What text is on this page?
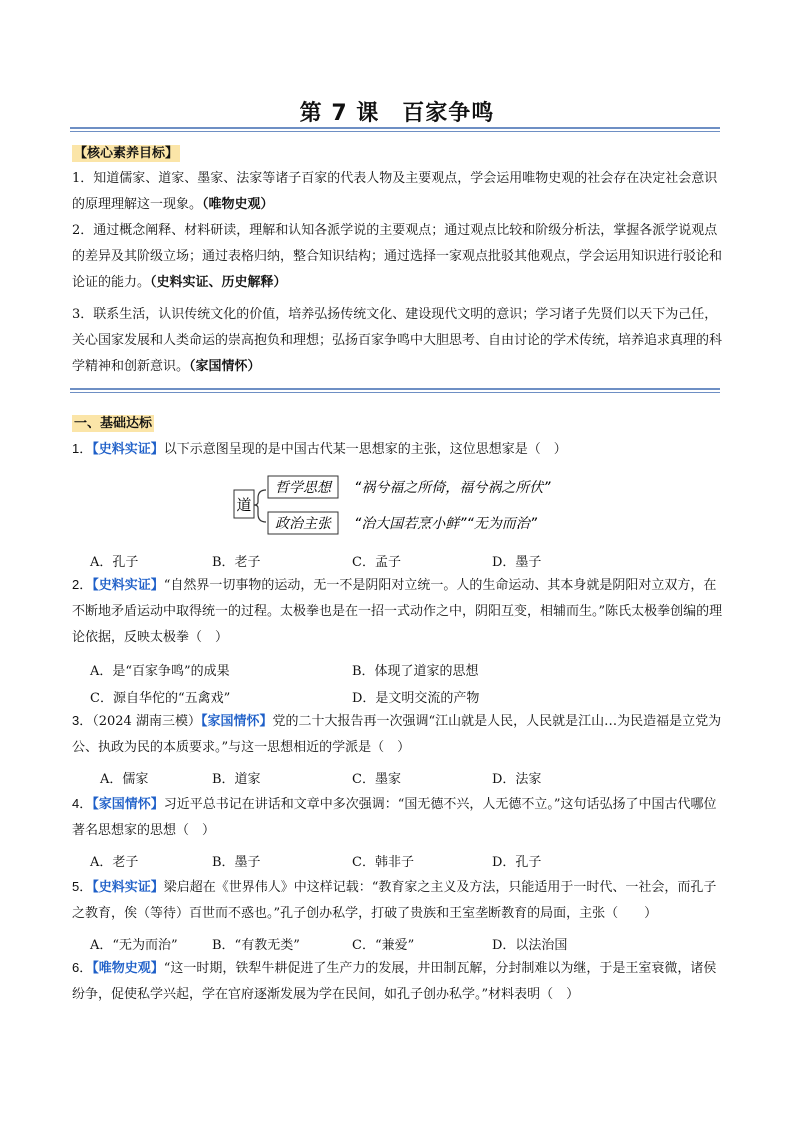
第 7 课　百家争鸣
【核心素养目标】
1．知道儒家、道家、墨家、法家等诸子百家的代表人物及主要观点，学会运用唯物史观的社会存在决定社会意识的原理理解这一现象。（唯物史观）
2．通过概念阐释、材料研读，理解和认知各派学说的主要观点；通过观点比较和阶级分析法，掌握各派学说观点的差异及其阶级立场；通过表格归纳，整合知识结构；通过选择一家观点批驳其他观点，学会运用知识进行驳论和论证的能力。（史料实证、历史解释）
3．联系生活，认识传统文化的价值，培养弘扬传统文化、建设现代文明的意识；学习诸子先贤们以天下为己任，关心国家发展和人类命运的崇高抱负和理想；弘扬百家争鸣中大胆思考、自由讨论的学术传统，培养追求真理的科学精神和创新意识。（家国情怀）
一、基础达标
1．【史料实证】以下示意图呈现的是中国古代某一思想家的主张，这位思想家是（　）
道
哲学思想
政治主张
“祸兮福之所倚，福兮祸之所伏”
“治大国若烹小鲜”“无为而治”
A．孔子	B．老子	C．孟子	D．墨子
2．【史料实证】“自然界一切事物的运动，无一不是阴阳对立统一。人的生命运动、其本身就是阴阳对立双方，在不断地矛盾运动中取得统一的过程。太极拳也是在一招一式动作之中，阴阳互变，相辅而生。”陈氏太极拳创编的理论依据，反映太极拳（　）
A．是“百家争鸣”的成果	B．体现了道家的思想
C．源自华佗的“五禽戏”	D．是文明交流的产物
3．（2024 湖南三模）【家国情怀】党的二十大报告再一次强调“江山就是人民，人民就是江山…为民造福是立党为公、执政为民的本质要求。”与这一思想相近的学派是（　）
A．儒家	B．道家	C．墨家	D．法家
4．【家国情怀】习近平总书记在讲话和文章中多次强调：“国无德不兴，人无德不立。”这句话弘扬了中国古代哪位著名思想家的思想（　）
A．老子	B．墨子	C．韩非子	D．孔子
5．【史料实证】梁启超在《世界伟人》中这样记载：“教育家之主义及方法，只能适用于一时代、一社会，而孔子之教育，俟（等待）百世而不惑也。”孔子创办私学，打破了贵族和王室垄断教育的局面，主张（　　）
A．“无为而治”	B．“有教无类”	C．“兼爱”	D．以法治国
6．【唯物史观】“这一时期，铁犁牛耕促进了生产力的发展，井田制瓦解，分封制难以为继，于是王室衰微，诸侯纷争，促使私学兴起，学在官府逐渐发展为学在民间，如孔子创办私学。”材料表明（　）
